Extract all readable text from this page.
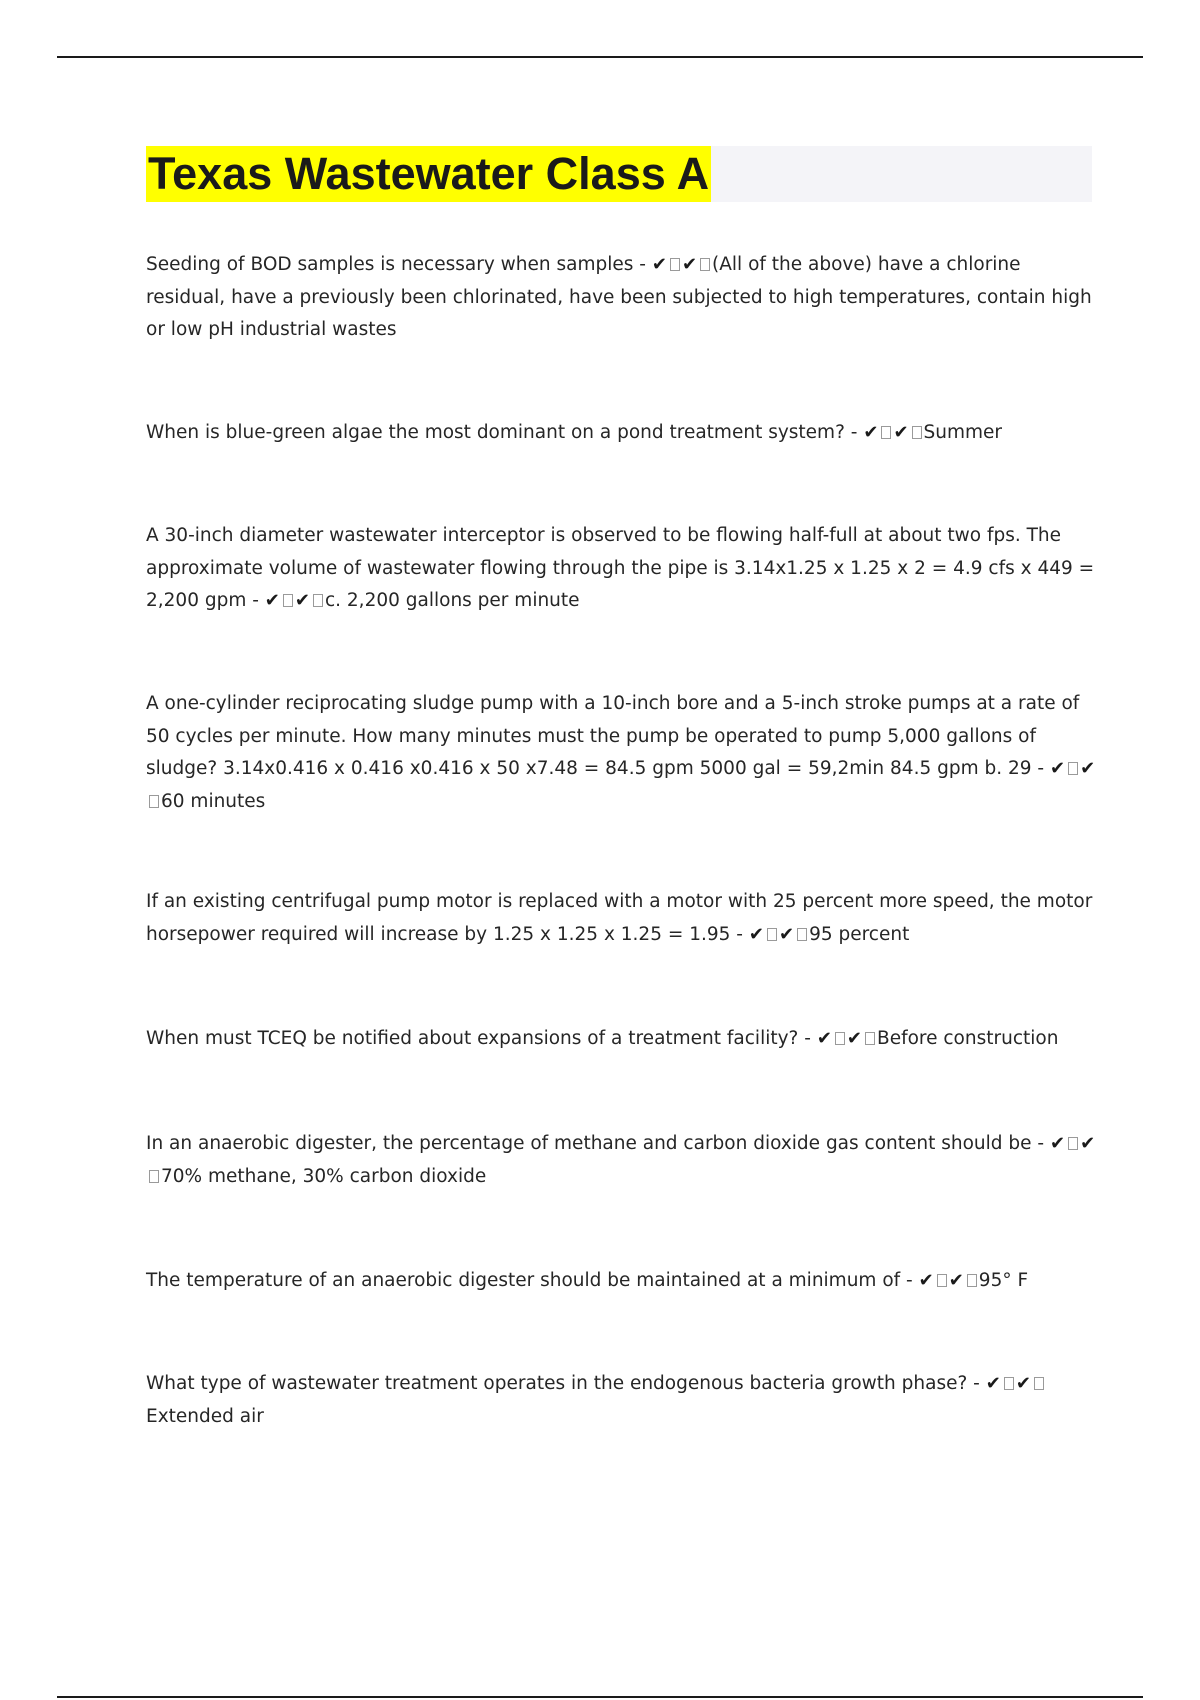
Texas Wastewater Class A

Seeding of BOD samples is necessary when samples - ✔ ✔ (All of the above) have a chlorine residual, have a previously been chlorinated, have been subjected to high temperatures, contain high or low pH industrial wastes

When is blue-green algae the most dominant on a pond treatment system? - ✔ ✔ Summer

A 30-inch diameter wastewater interceptor is observed to be flowing half-full at about two fps. The approximate volume of wastewater flowing through the pipe is 3.14x1.25 x 1.25 x 2 = 4.9 cfs x 449 = 2,200 gpm - ✔ ✔ c. 2,200 gallons per minute

A one-cylinder reciprocating sludge pump with a 10-inch bore and a 5-inch stroke pumps at a rate of 50 cycles per minute. How many minutes must the pump be operated to pump 5,000 gallons of sludge? 3.14x0.416 x 0.416 x0.416 x 50 x7.48 = 84.5 gpm 5000 gal = 59,2min 84.5 gpm b. 29 - ✔ ✔60 minutes

If an existing centrifugal pump motor is replaced with a motor with 25 percent more speed, the motor horsepower required will increase by 1.25 x 1.25 x 1.25 = 1.95 - ✔ ✔ 95 percent

When must TCEQ be notified about expansions of a treatment facility? - ✔ ✔ Before construction

In an anaerobic digester, the percentage of methane and carbon dioxide gas content should be - ✔ ✔70% methane, 30% carbon dioxide

The temperature of an anaerobic digester should be maintained at a minimum of - ✔ ✔ 95° F

What type of wastewater treatment operates in the endogenous bacteria growth phase? - ✔ ✔Extended air
